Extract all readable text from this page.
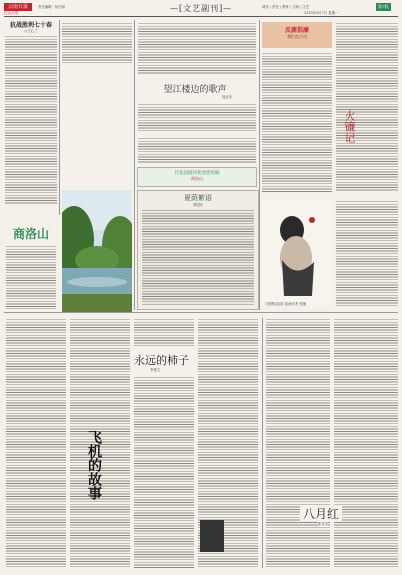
云南日报
红山日报
责任编辑：杨杰萍	—[文艺副刊]—	城市 / 责任 / 教育 / 文明 / 文艺
2015年9月7日 星期一
第7版
抗战胜利七十春
◎王心兰
望江楼边的歌声
阎正东
商洛山
百花园副刊欢迎您投稿
商洛山
夏荫絮语
李国安
反腐倡廉
我们在行动
火镰记
八骏图(局部) 绘画作者 张楠
永远的柿子
李建文
飞机的故事
八月红
张雪芳
